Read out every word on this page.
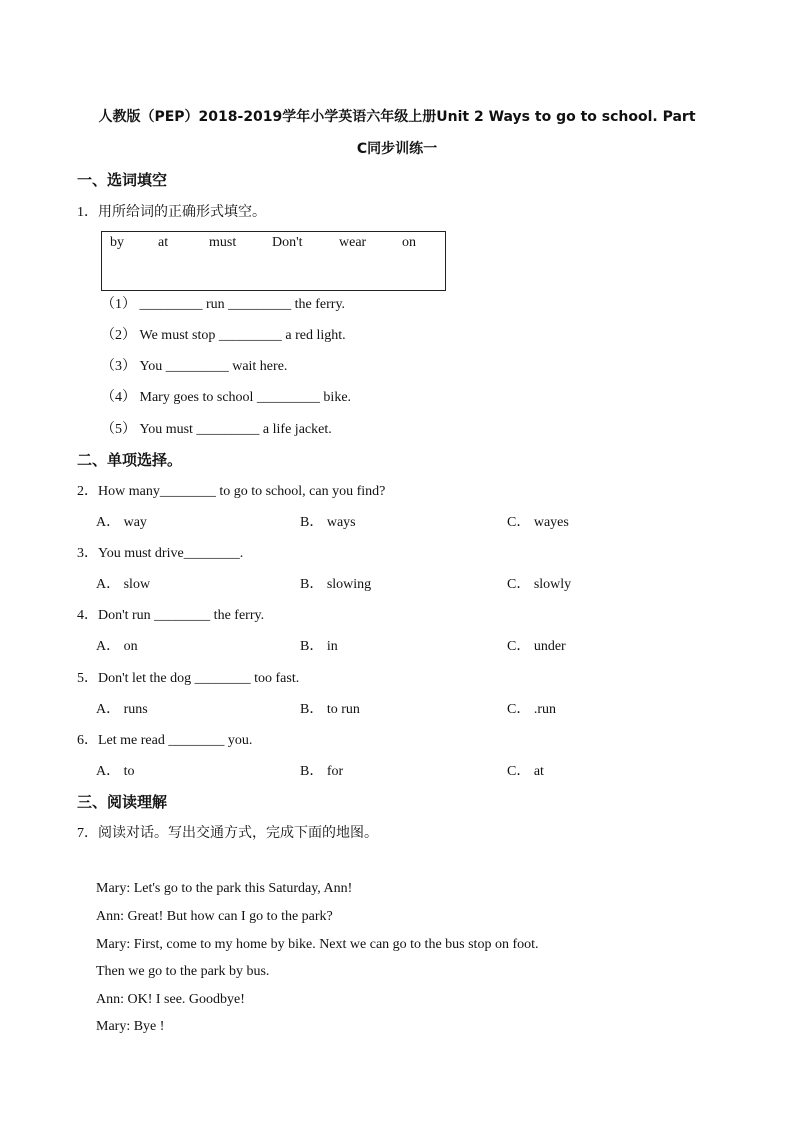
人教版（PEP）2018-2019学年小学英语六年级上册Unit 2 Ways to go to school. Part
C同步训练一
一、选词填空
1．用所给词的正确形式填空。
by at	must	Don't	wear	on
（1） _________ run _________ the ferry.
（2） We must stop _________ a red light.
（3） You _________ wait here.
（4） Mary goes to school _________ bike.
（5） You must _________ a life jacket.
二、单项选择。
2．How many________ to go to school, can you find?
A． way	B． ways	C． wayes
3．You must drive________.
A． slow	B． slowing	C． slowly
4．Don't run ________ the ferry.
A． on	B． in	C． under
5．Don't let the dog ________ too fast.
A． runs	B． to run	C． .run
6．Let me read ________ you.
A． to	B． for	C． at
三、阅读理解
7．阅读对话。写出交通方式，完成下面的地图。
Mary: Let's go to the park this Saturday, Ann!
Ann: Great! But how can I go to the park?
Mary: First, come to my home by bike. Next we can go to the bus stop on foot.
Then we go to the park by bus.
Ann: OK! I see. Goodbye!
Mary: Bye !
